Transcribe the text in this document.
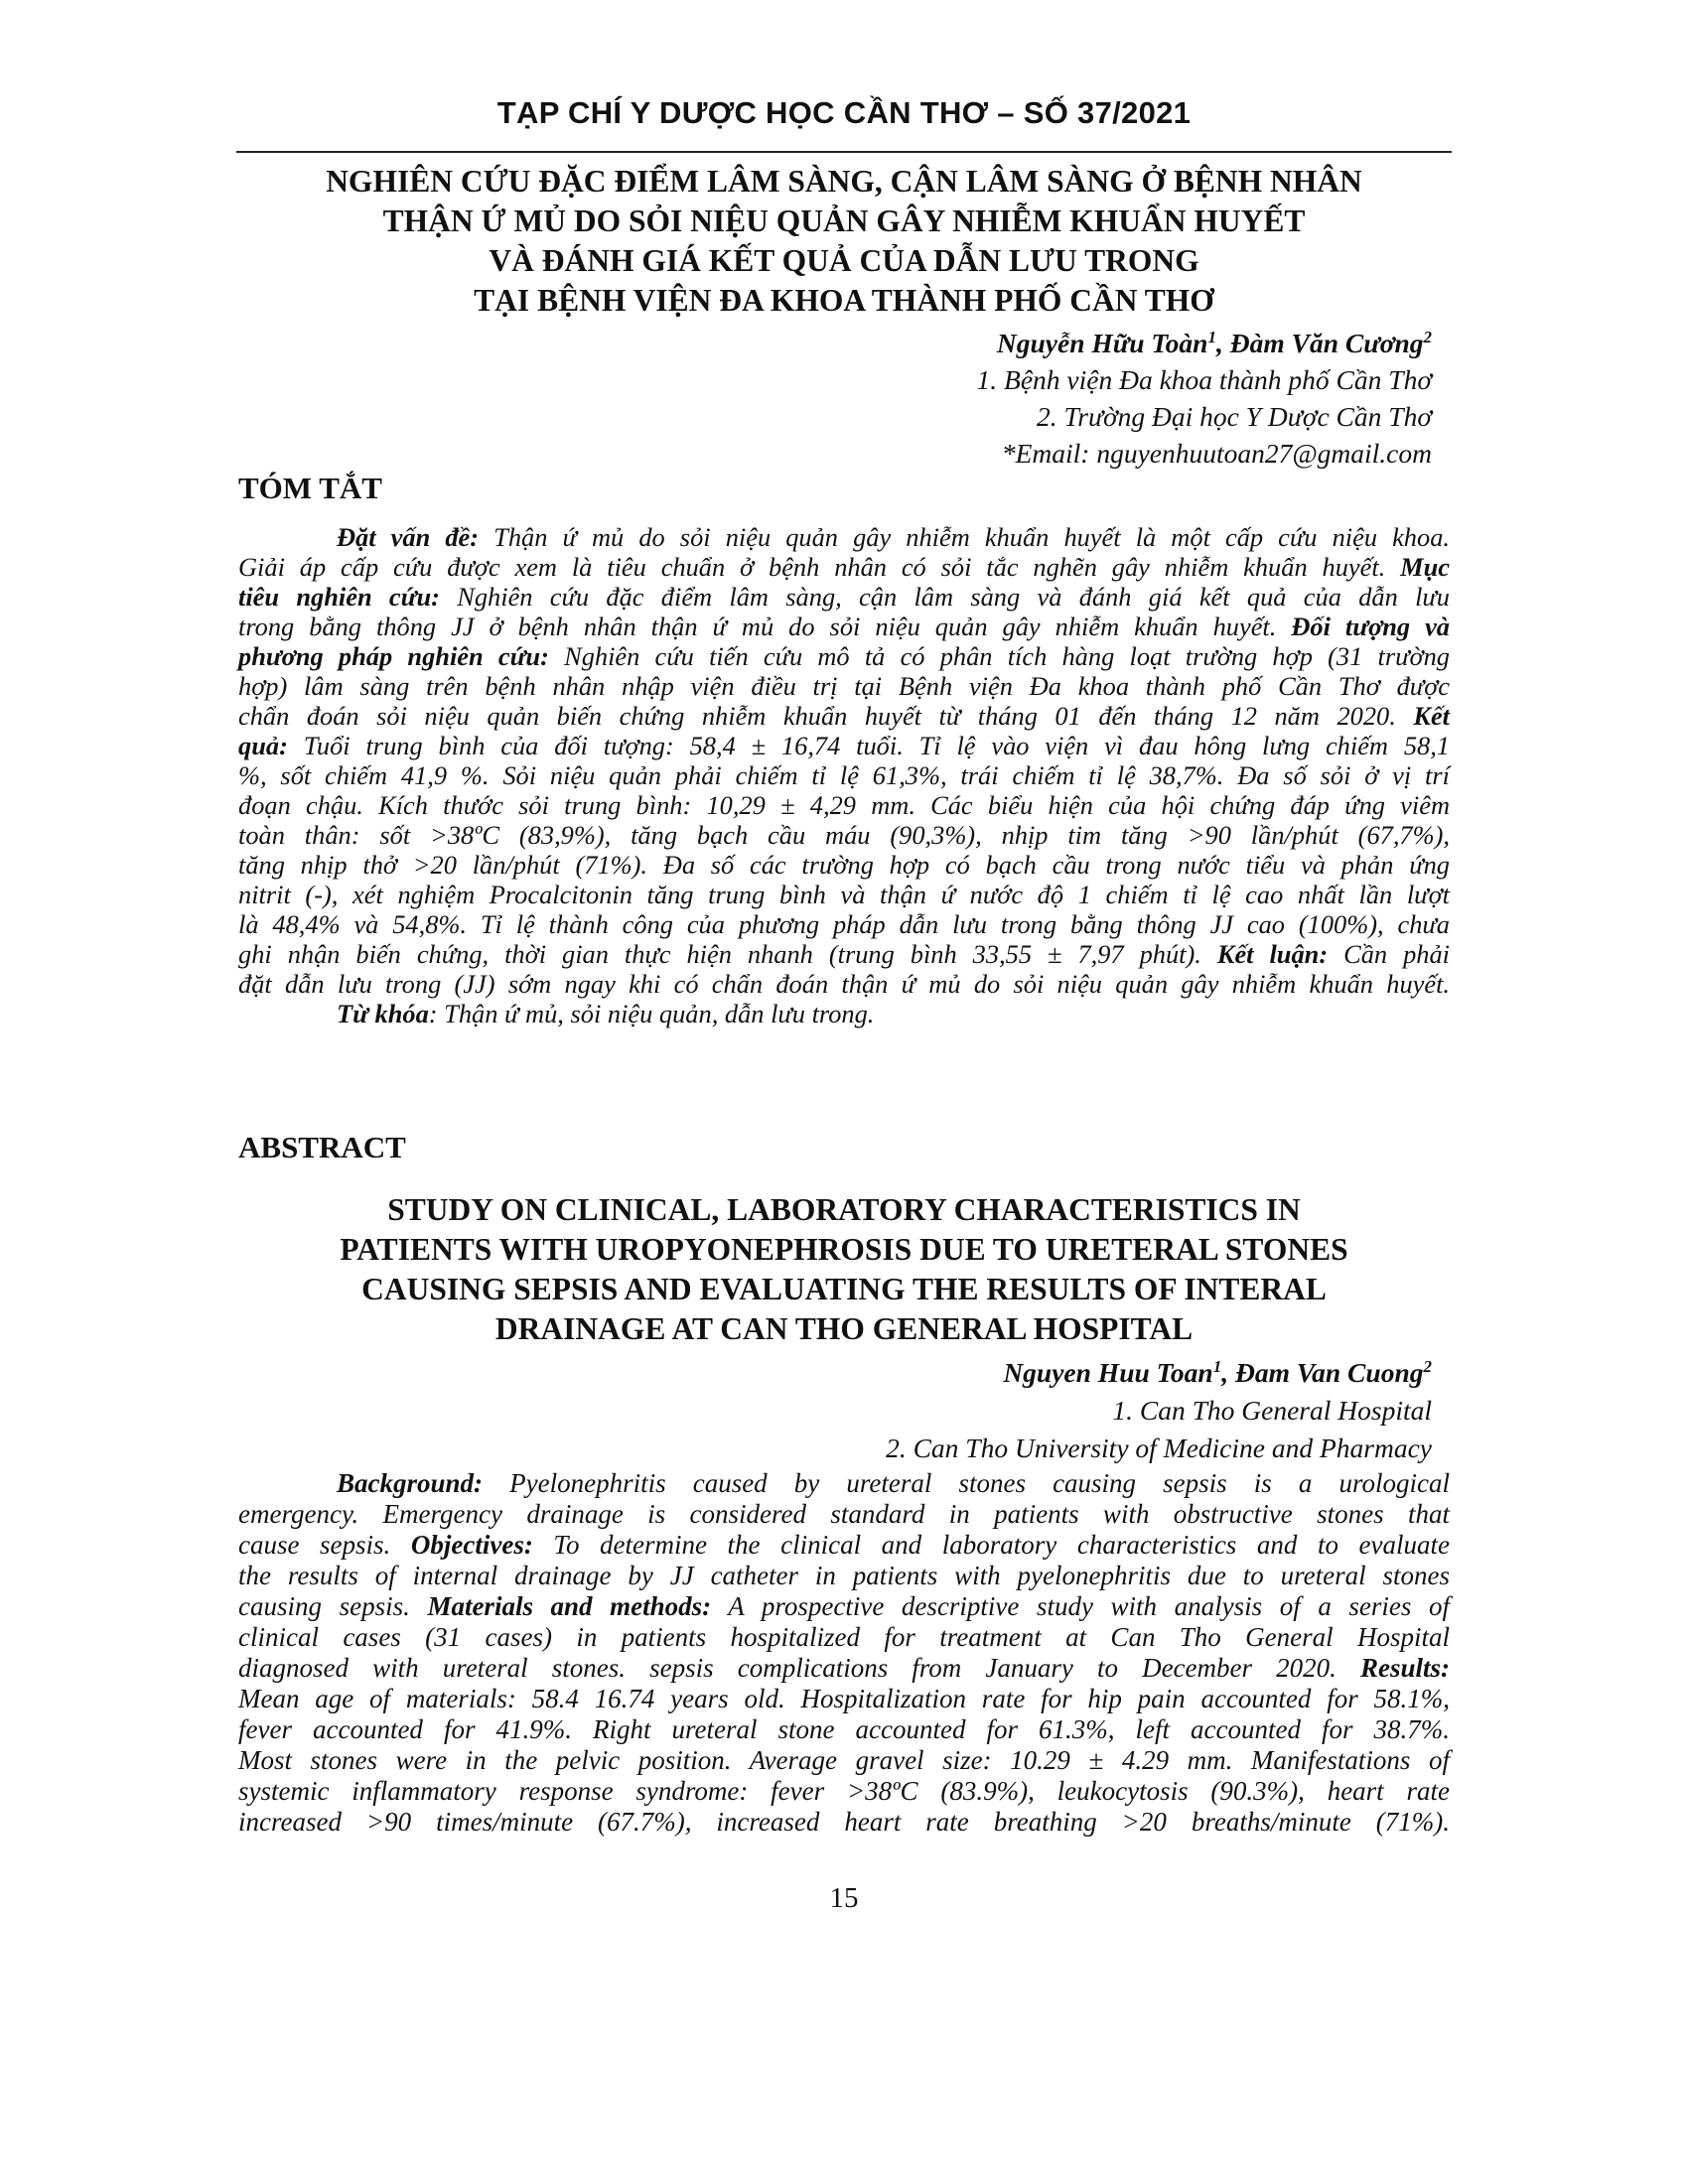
TẠP CHÍ Y DƯỢC HỌC CẦN THƠ – SỐ 37/2021
NGHIÊN CỨU ĐẶC ĐIỂM LÂM SÀNG, CẬN LÂM SÀNG Ở BỆNH NHÂN
THẬN Ứ MỦ DO SỎI NIỆU QUẢN GÂY NHIỄM KHUẨN HUYẾT
VÀ ĐÁNH GIÁ KẾT QUẢ CỦA DẪN LƯU TRONG
TẠI BỆNH VIỆN ĐA KHOA THÀNH PHỐ CẦN THƠ
Nguyễn Hữu Toàn$^1$, Đàm Văn Cương$^2$
1. Bệnh viện Đa khoa thành phố Cần Thơ
2. Trường Đại học Y Dược Cần Thơ
*Email: nguyenhuutoan27@gmail.com
TÓM TẮT
Đặt vấn đề: Thận ứ mủ do sỏi niệu quản gây nhiễm khuẩn huyết là một cấp cứu niệu khoa.
Giải áp cấp cứu được xem là tiêu chuẩn ở bệnh nhân có sỏi tắc nghẽn gây nhiễm khuẩn huyết. Mục
tiêu nghiên cứu: Nghiên cứu đặc điểm lâm sàng, cận lâm sàng và đánh giá kết quả của dẫn lưu
trong bằng thông JJ ở bệnh nhân thận ứ mủ do sỏi niệu quản gây nhiễm khuẩn huyết. Đối tượng và
phương pháp nghiên cứu: Nghiên cứu tiến cứu mô tả có phân tích hàng loạt trường hợp (31 trường
hợp) lâm sàng trên bệnh nhân nhập viện điều trị tại Bệnh viện Đa khoa thành phố Cần Thơ được
chẩn đoán sỏi niệu quản biến chứng nhiễm khuẩn huyết từ tháng 01 đến tháng 12 năm 2020. Kết
quả: Tuổi trung bình của đối tượng: 58,4 ± 16,74 tuổi. Tỉ lệ vào viện vì đau hông lưng chiếm 58,1
%, sốt chiếm 41,9 %. Sỏi niệu quản phải chiếm tỉ lệ 61,3%, trái chiếm tỉ lệ 38,7%. Đa số sỏi ở vị trí
đoạn chậu. Kích thước sỏi trung bình: 10,29 ± 4,29 mm. Các biểu hiện của hội chứng đáp ứng viêm
toàn thân: sốt >38ºC (83,9%), tăng bạch cầu máu (90,3%), nhịp tim tăng >90 lần/phút (67,7%),
tăng nhịp thở >20 lần/phút (71%). Đa số các trường hợp có bạch cầu trong nước tiểu và phản ứng
nitrit (-), xét nghiệm Procalcitonin tăng trung bình và thận ứ nước độ 1 chiếm tỉ lệ cao nhất lần lượt
là 48,4% và 54,8%. Tỉ lệ thành công của phương pháp dẫn lưu trong bằng thông JJ cao (100%), chưa
ghi nhận biến chứng, thời gian thực hiện nhanh (trung bình 33,55 ± 7,97 phút). Kết luận: Cần phải
đặt dẫn lưu trong (JJ) sớm ngay khi có chẩn đoán thận ứ mủ do sỏi niệu quản gây nhiễm khuẩn huyết.
Từ khóa: Thận ứ mủ, sỏi niệu quản, dẫn lưu trong.
ABSTRACT
STUDY ON CLINICAL, LABORATORY CHARACTERISTICS IN
PATIENTS WITH UROPYONEPHROSIS DUE TO URETERAL STONES
CAUSING SEPSIS AND EVALUATING THE RESULTS OF INTERAL
DRAINAGE AT CAN THO GENERAL HOSPITAL
Nguyen Huu Toan$^1$, Đam Van Cuong$^2$
1. Can Tho General Hospital
2. Can Tho University of Medicine and Pharmacy
Background: Pyelonephritis caused by ureteral stones causing sepsis is a urological
emergency. Emergency drainage is considered standard in patients with obstructive stones that
cause sepsis. Objectives: To determine the clinical and laboratory characteristics and to evaluate
the results of internal drainage by JJ catheter in patients with pyelonephritis due to ureteral stones
causing sepsis. Materials and methods: A prospective descriptive study with analysis of a series of
clinical cases (31 cases) in patients hospitalized for treatment at Can Tho General Hospital
diagnosed with ureteral stones. sepsis complications from January to December 2020. Results:
Mean age of materials: 58.4 16.74 years old. Hospitalization rate for hip pain accounted for 58.1%,
fever accounted for 41.9%. Right ureteral stone accounted for 61.3%, left accounted for 38.7%.
Most stones were in the pelvic position. Average gravel size: 10.29 ± 4.29 mm. Manifestations of
systemic inflammatory response syndrome: fever >38ºC (83.9%), leukocytosis (90.3%), heart rate
increased >90 times/minute (67.7%), increased heart rate breathing >20 breaths/minute (71%).
15
